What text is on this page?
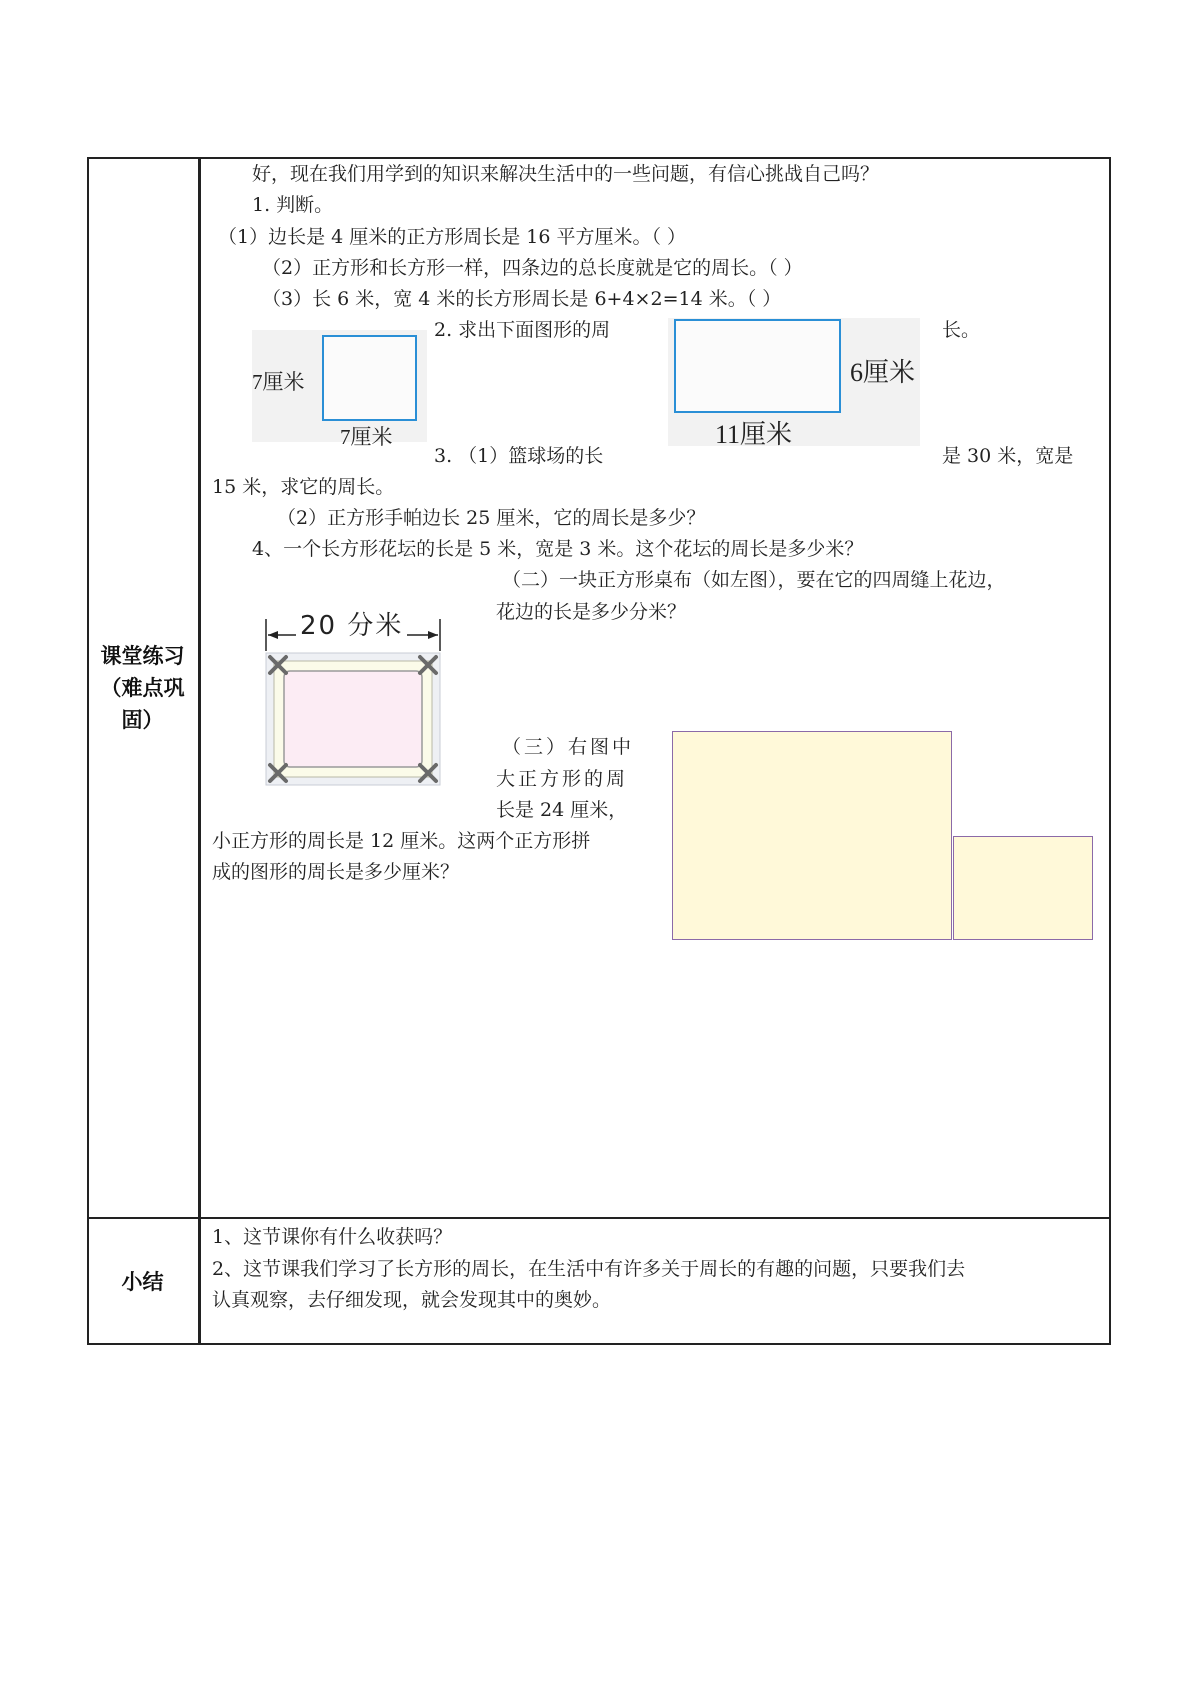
课堂练习
（难点巩
固）
小结
好，现在我们用学到的知识来解决生活中的一些问题，有信心挑战自己吗？
1. 判断。
（1）边长是 4 厘米的正方形周长是 16 平方厘米。（ ）
（2）正方形和长方形一样，四条边的总长度就是它的周长。（ ）
（3）长 6 米，宽 4 米的长方形周长是 6+4×2=14 米。（ ）
2. 求出下面图形的周	长。
7厘米
7厘米
6厘米
11厘米
3. （1）篮球场的长	是 30 米，宽是
15 米，求它的周长。
（2）正方形手帕边长 25 厘米，它的周长是多少？
4、一个长方形花坛的长是 5 米，宽是 3 米。这个花坛的周长是多少米？
（二）一块正方形桌布（如左图），要在它的四周缝上花边，
花边的长是多少分米？
20 分米
（三）右图中
大正方形的周
长是 24 厘米，
小正方形的周长是 12 厘米。这两个正方形拼
成的图形的周长是多少厘米？
1、这节课你有什么收获吗？
2、这节课我们学习了长方形的周长，在生活中有许多关于周长的有趣的问题，只要我们去
认真观察，去仔细发现，就会发现其中的奥妙。
